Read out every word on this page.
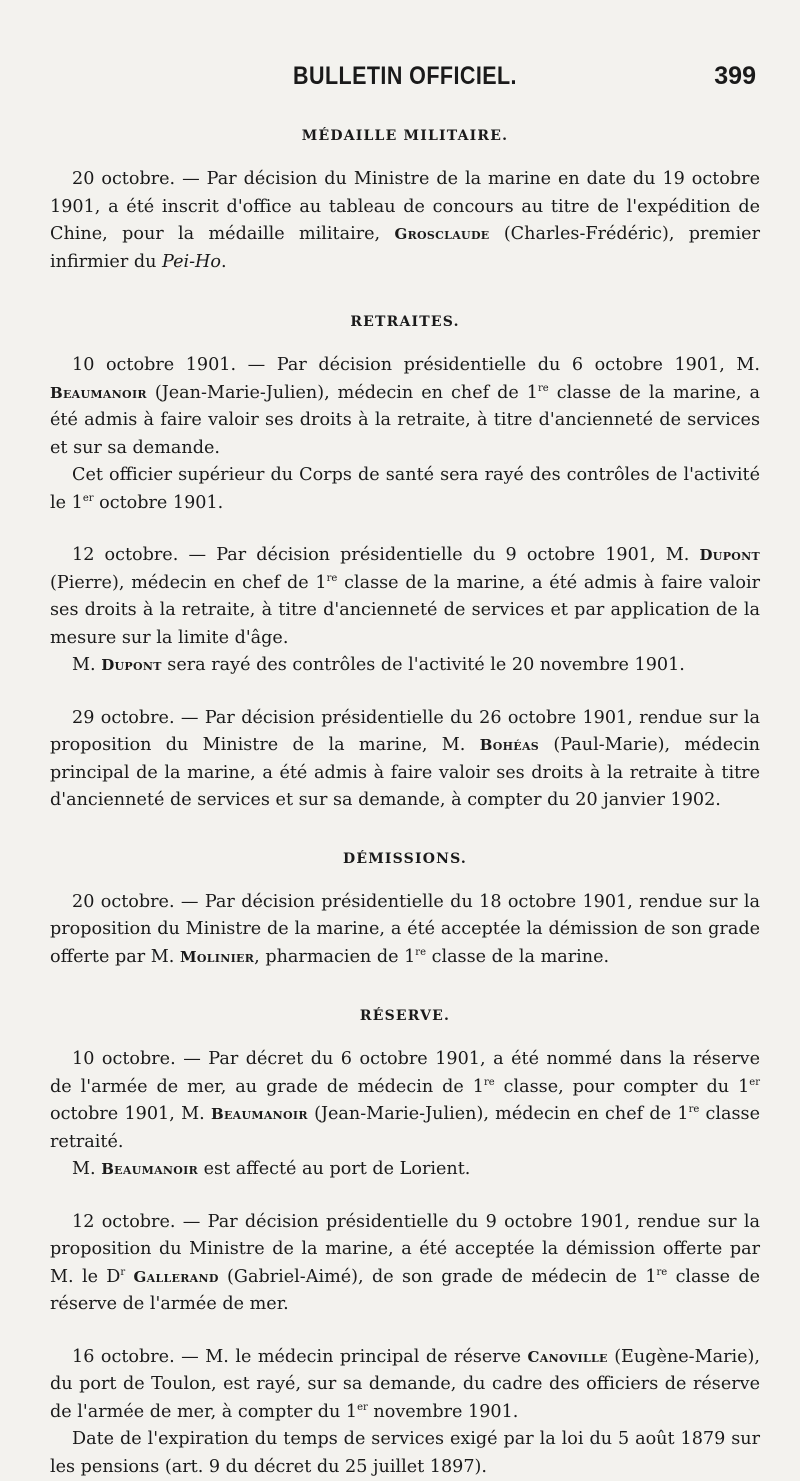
BULLETIN OFFICIEL.	399
MÉDAILLE MILITAIRE.

20 octobre. — Par décision du Ministre de la marine en date du 19 octobre 1901, a été inscrit d'office au tableau de concours au titre de l'expédition de Chine, pour la médaille militaire, Grosclaude (Charles-Frédéric), premier infirmier du Pei-Ho.

RETRAITES.

10 octobre 1901. — Par décision présidentielle du 6 octobre 1901, M. Beaumanoir (Jean-Marie-Julien), médecin en chef de 1re classe de la marine, a été admis à faire valoir ses droits à la retraite, à titre d'ancienneté de services et sur sa demande.

Cet officier supérieur du Corps de santé sera rayé des contrôles de l'activité le 1er octobre 1901.

12 octobre. — Par décision présidentielle du 9 octobre 1901, M. Dupont (Pierre), médecin en chef de 1re classe de la marine, a été admis à faire valoir ses droits à la retraite, à titre d'ancienneté de services et par application de la mesure sur la limite d'âge.

M. Dupont sera rayé des contrôles de l'activité le 20 novembre 1901.

29 octobre. — Par décision présidentielle du 26 octobre 1901, rendue sur la proposition du Ministre de la marine, M. Bohéas (Paul-Marie), médecin principal de la marine, a été admis à faire valoir ses droits à la retraite à titre d'ancienneté de services et sur sa demande, à compter du 20 janvier 1902.

DÉMISSIONS.

20 octobre. — Par décision présidentielle du 18 octobre 1901, rendue sur la proposition du Ministre de la marine, a été acceptée la démission de son grade offerte par M. Molinier, pharmacien de 1re classe de la marine.

RÉSERVE.

10 octobre. — Par décret du 6 octobre 1901, a été nommé dans la réserve de l'armée de mer, au grade de médecin de 1re classe, pour compter du 1er octobre 1901, M. Beaumanoir (Jean-Marie-Julien), médecin en chef de 1re classe retraité.

M. Beaumanoir est affecté au port de Lorient.

12 octobre. — Par décision présidentielle du 9 octobre 1901, rendue sur la proposition du Ministre de la marine, a été acceptée la démission offerte par M. le $D^r$ Gallerand (Gabriel-Aimé), de son grade de médecin de 1re classe de réserve de l'armée de mer.

16 octobre. — M. le médecin principal de réserve Canoville (Eugène-Marie), du port de Toulon, est rayé, sur sa demande, du cadre des officiers de réserve de l'armée de mer, à compter du 1er novembre 1901.

Date de l'expiration du temps de services exigé par la loi du 5 août 1879 sur les pensions (art. 9 du décret du 25 juillet 1897).
